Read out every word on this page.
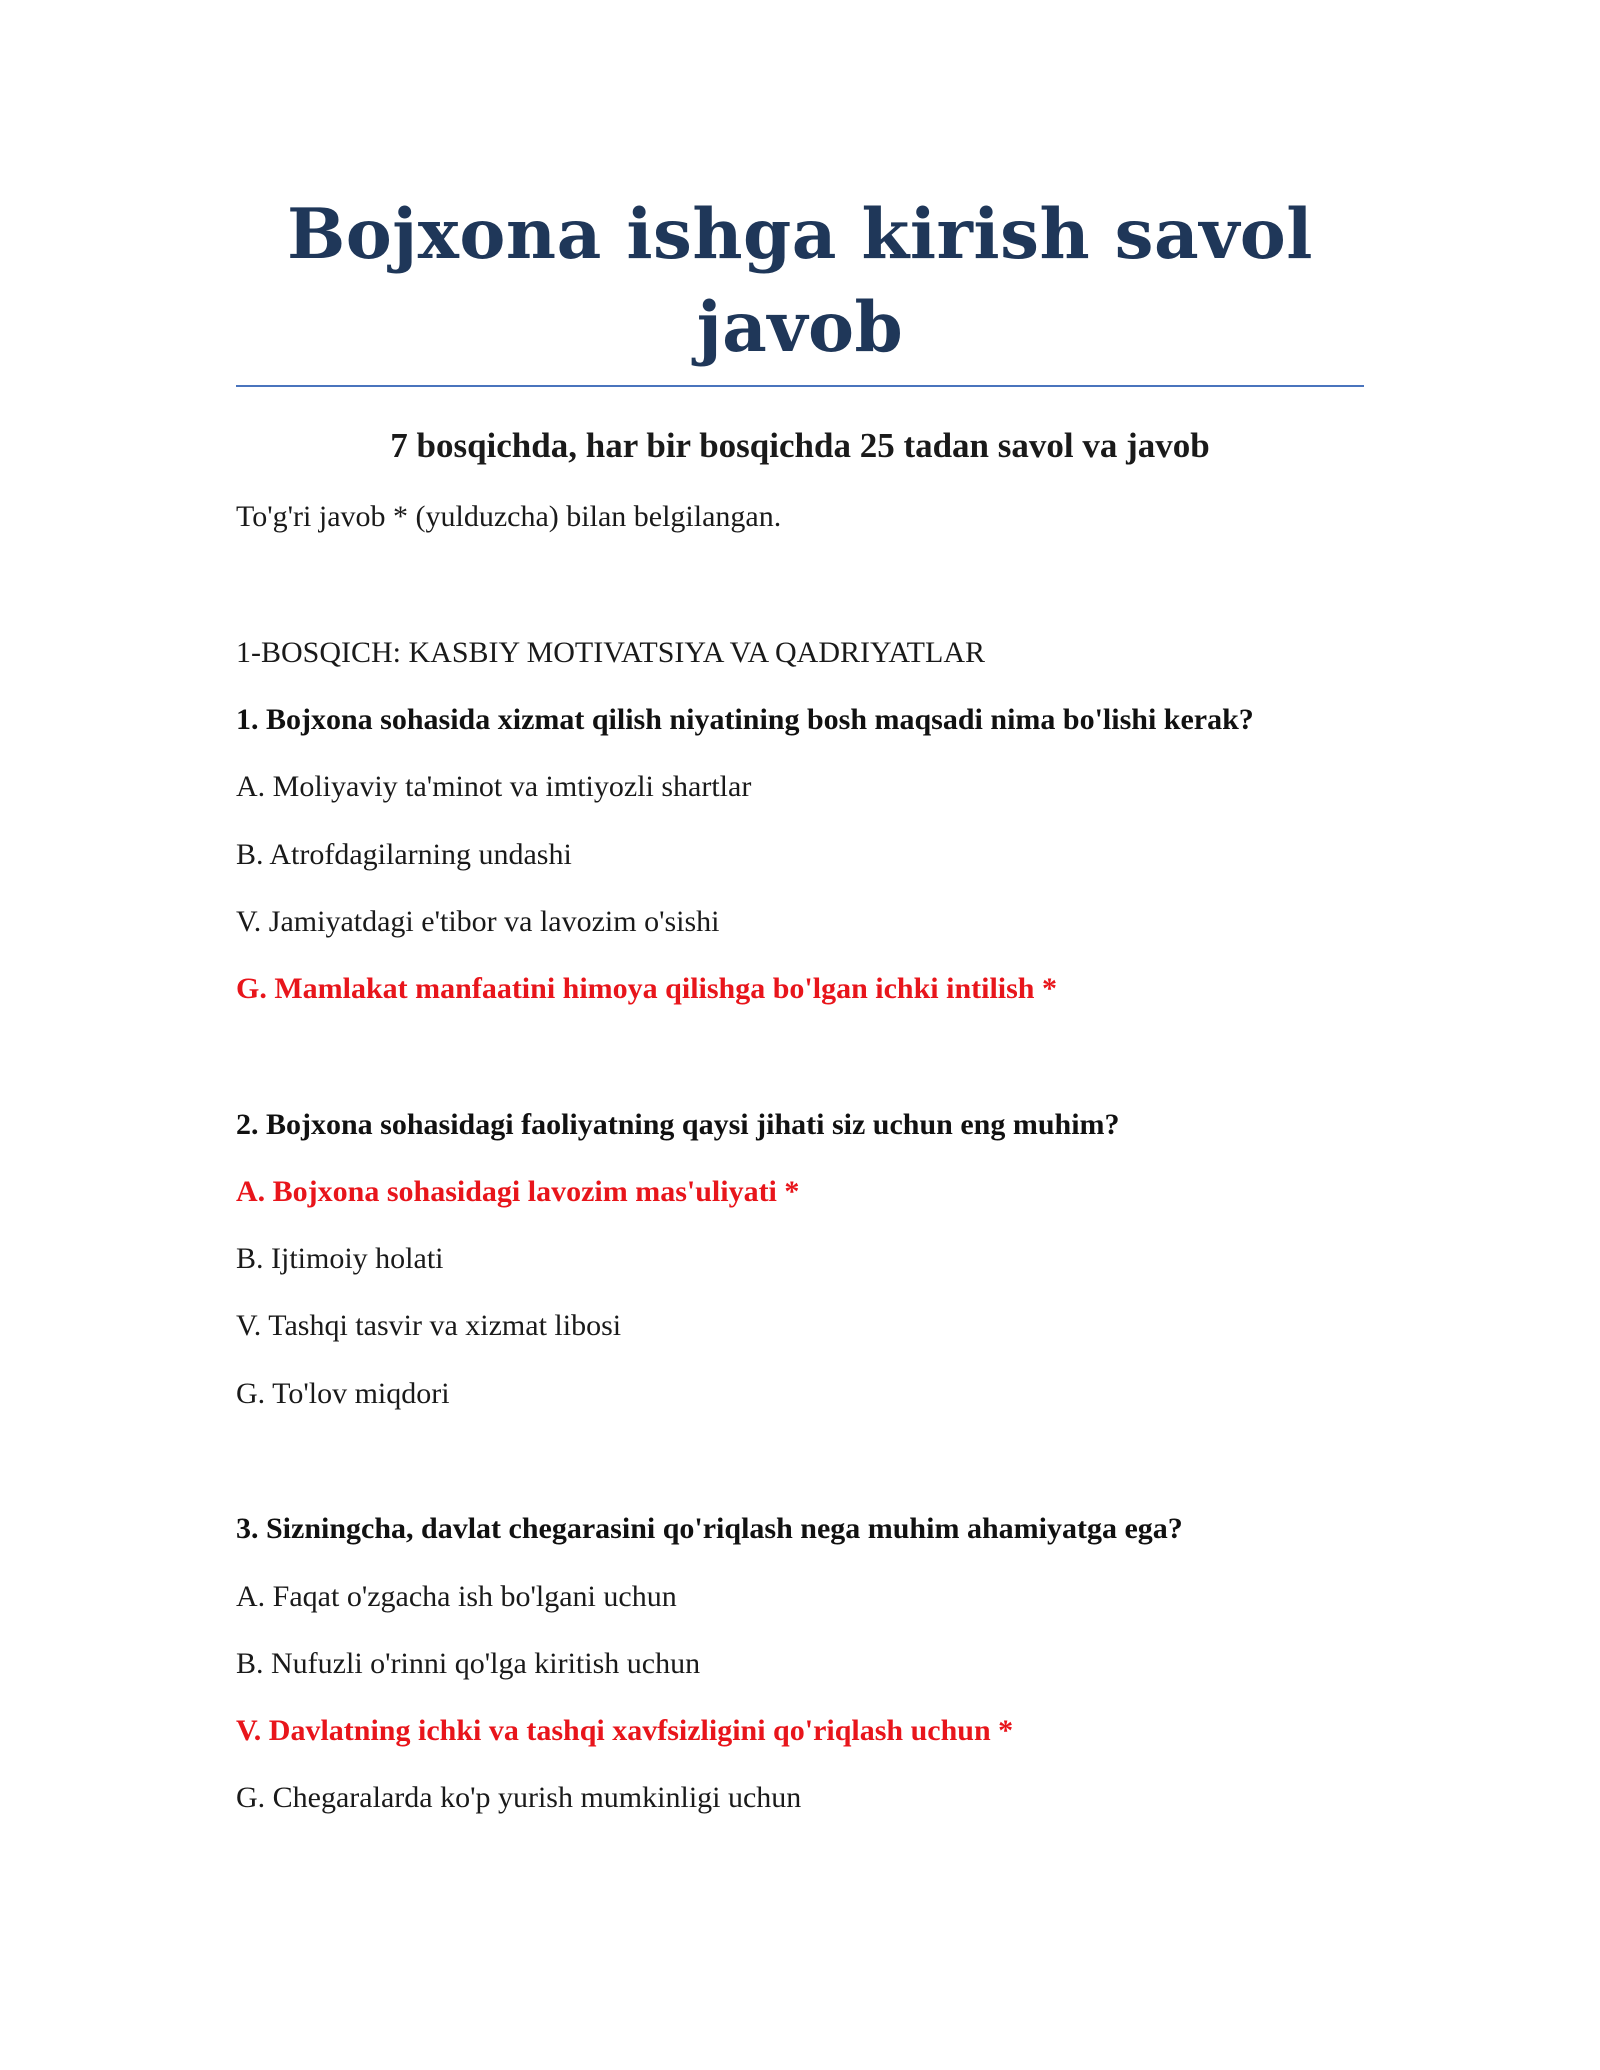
Bojxona ishga kirish savol
javob

7 bosqichda, har bir bosqichda 25 tadan savol va javob

To'g'ri javob * (yulduzcha) bilan belgilangan.

1-BOSQICH: KASBIY MOTIVATSIYA VA QADRIYATLAR

1. Bojxona sohasida xizmat qilish niyatining bosh maqsadi nima bo'lishi kerak?

A. Moliyaviy ta'minot va imtiyozli shartlar

B. Atrofdagilarning undashi

V. Jamiyatdagi e'tibor va lavozim o'sishi

G. Mamlakat manfaatini himoya qilishga bo'lgan ichki intilish *

2. Bojxona sohasidagi faoliyatning qaysi jihati siz uchun eng muhim?

A. Bojxona sohasidagi lavozim mas'uliyati *

B. Ijtimoiy holati

V. Tashqi tasvir va xizmat libosi

G. To'lov miqdori

3. Sizningcha, davlat chegarasini qo'riqlash nega muhim ahamiyatga ega?

A. Faqat o'zgacha ish bo'lgani uchun

B. Nufuzli o'rinni qo'lga kiritish uchun

V. Davlatning ichki va tashqi xavfsizligini qo'riqlash uchun *

G. Chegaralarda ko'p yurish mumkinligi uchun
